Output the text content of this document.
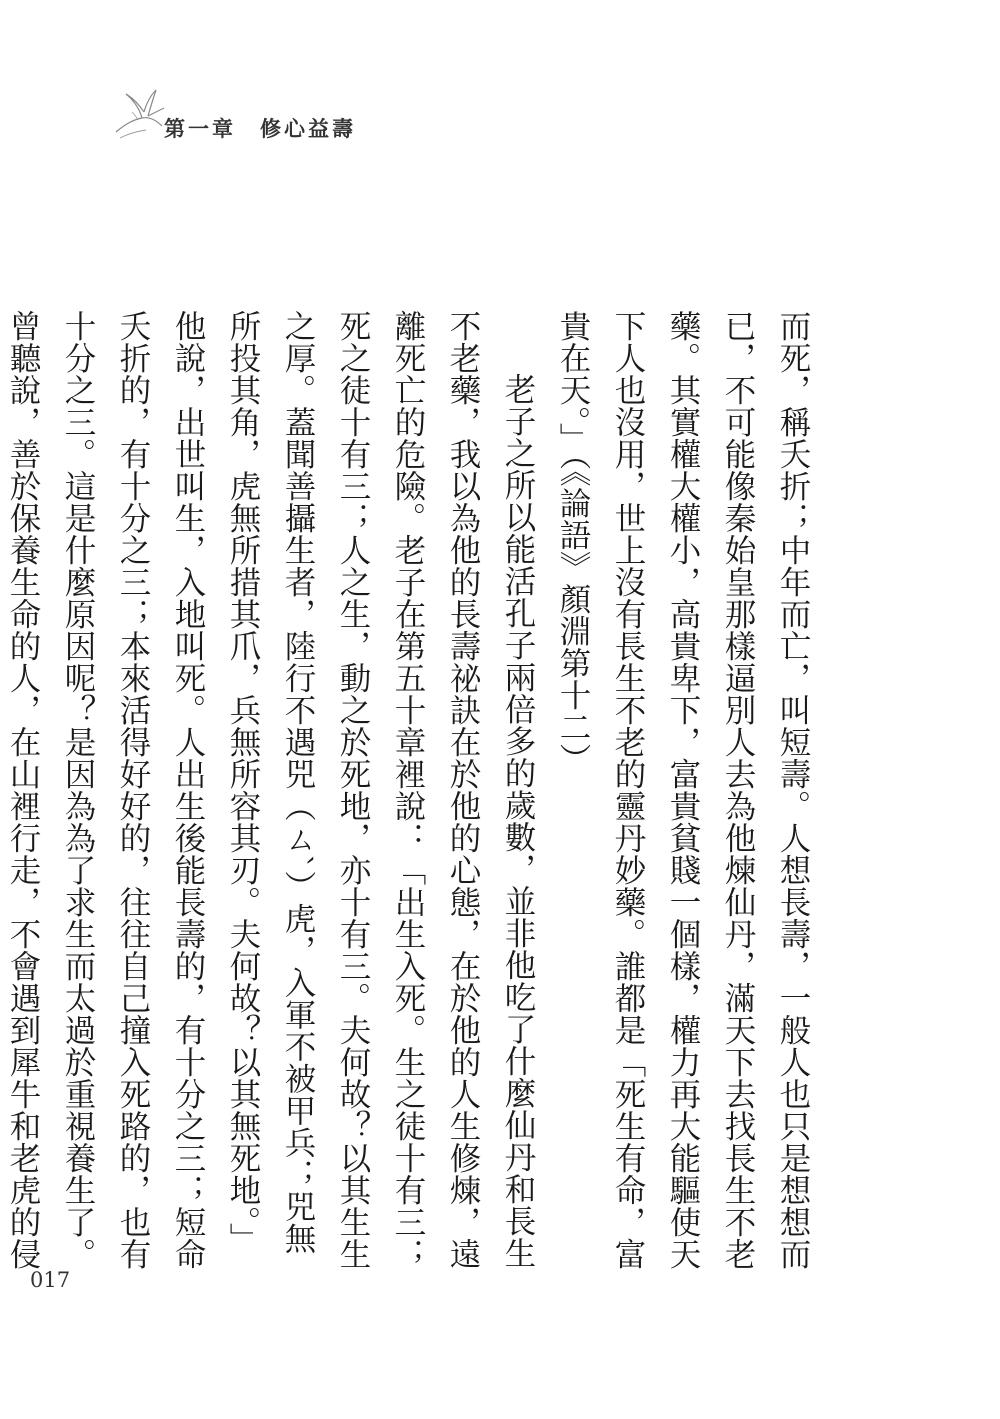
第一章　修心益壽

而死，稱夭折；中年而亡，叫短壽。人想長壽，一般人也只是想想而已，不可能像秦始皇那樣逼別人去為他煉仙丹，滿天下去找長生不老藥。其實權大權小，高貴卑下，富貴貧賤一個樣，權力再大能驅使天下人也沒用，世上沒有長生不老的靈丹妙藥。誰都是「死生有命，富貴在天。」（《論語》顏淵第十二）

老子之所以能活孔子兩倍多的歲數，並非他吃了什麼仙丹和長生不老藥，我以為他的長壽祕訣在於他的心態，在於他的人生修煉，遠離死亡的危險。老子在第五十章裡說：「出生入死。生之徒十有三；死之徒十有三；人之生，動之於死地，亦十有三。夫何故？以其生生之厚。蓋聞善攝生者，陸行不遇兕（ㄙˋ）虎，入軍不被甲兵；兕無所投其角，虎無所措其爪，兵無所容其刃。夫何故？以其無死地。」他說，出世叫生，入地叫死。人出生後能長壽的，有十分之三；短命夭折的，有十分之三；本來活得好好的，往往自己撞入死路的，也有十分之三。這是什麼原因呢？是因為為了求生而太過於重視養生了。曾聽說，善於保養生命的人，在山裡行走，不會遇到犀牛和老虎的侵

017
